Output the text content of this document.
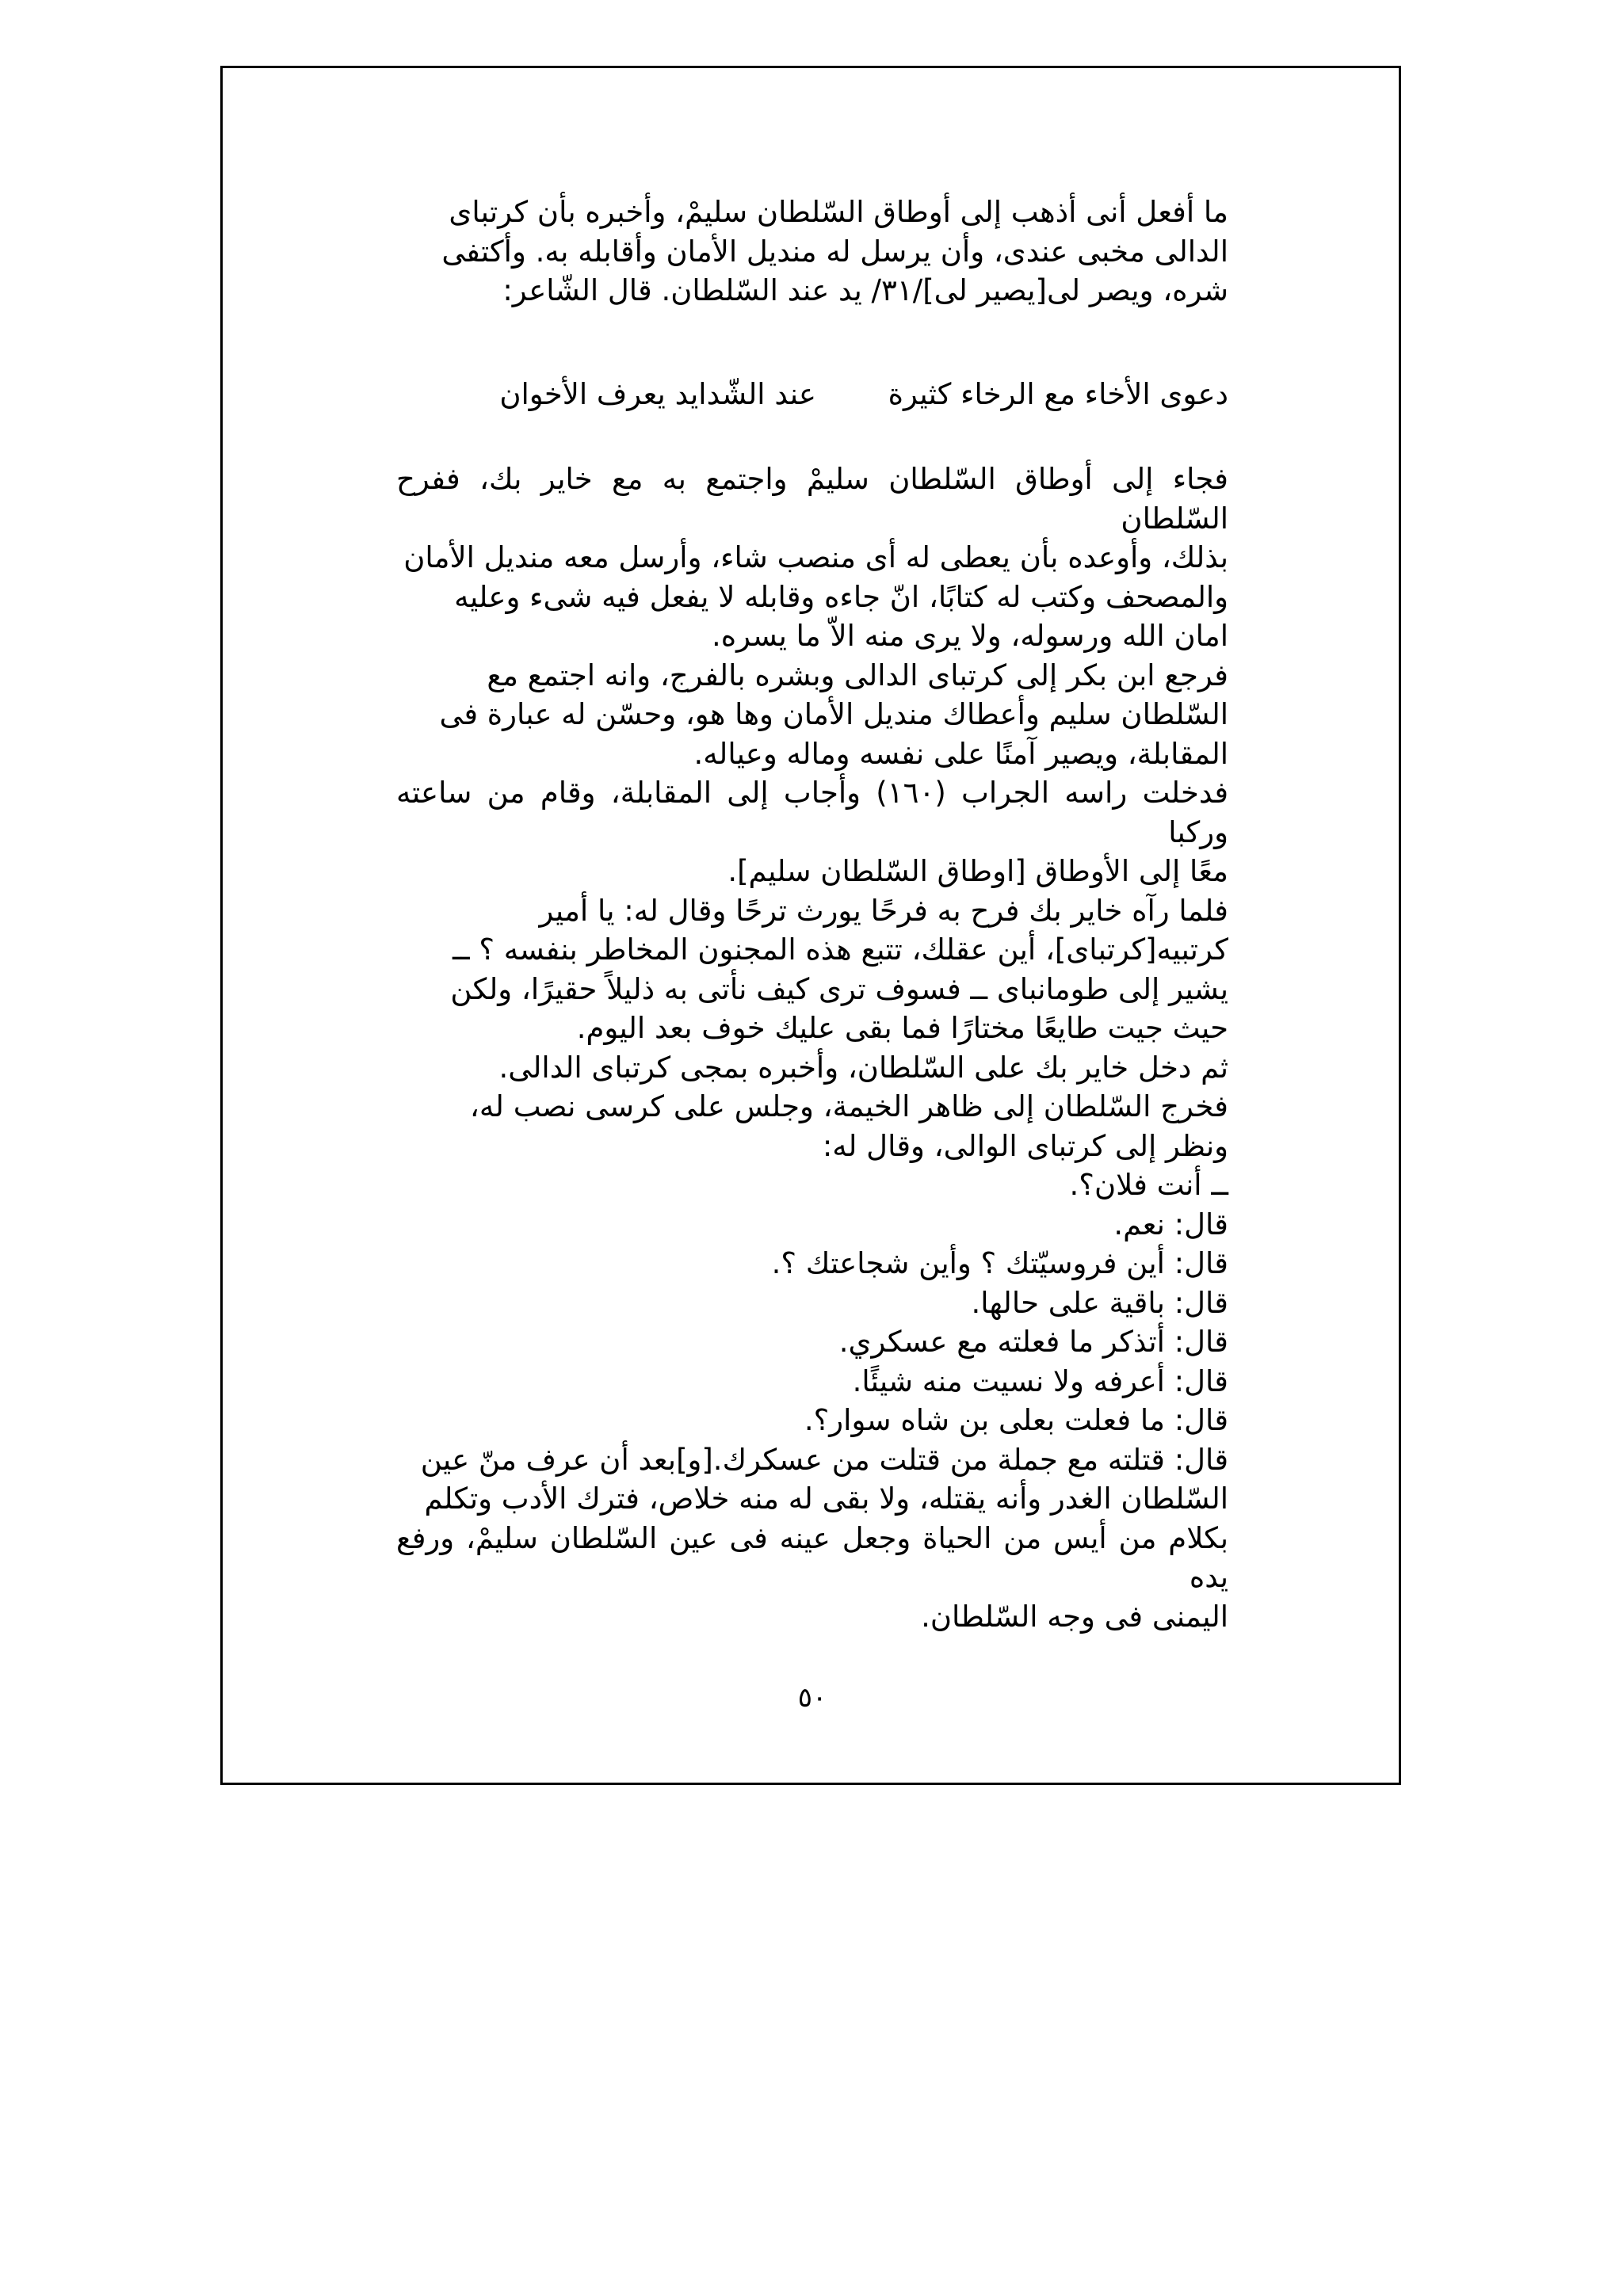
ما أفعل أنى أذهب إلى أوطاق السّلطان سليمْ، وأخبره بأن كرتباى

الدالى مخبى عندى، وأن يرسل له منديل الأمان وأقابله به. وأكتفى

شره، ويصر لى[يصير لى]/٣١/ يد عند السّلطان. قال الشّاعر:

دعوى الأخاء مع الرخاء كثيرة
عند الشّدايد يعرف الأخوان

فجاء إلى أوطاق السّلطان سليمْ واجتمع به مع خاير بك، ففرح السّلطان

بذلك، وأوعده بأن يعطى له أى منصب شاء، وأرسل معه منديل الأمان

والمصحف وكتب له كتابًا، انّ جاءه وقابله لا يفعل فيه شىء وعليه

امان الله ورسوله، ولا يرى منه الاّ ما يسره.

فرجع ابن بكر إلى كرتباى الدالى وبشره بالفرج، وانه اجتمع مع

السّلطان سليم وأعطاك منديل الأمان وها هو، وحسّن له عبارة فى

المقابلة، ويصير آمنًا على نفسه وماله وعياله.

فدخلت راسه الجراب (١٦٠) وأجاب إلى المقابلة، وقام من ساعته وركبا

معًا إلى الأوطاق [اوطاق السّلطان سليم].

فلما رآه خاير بك فرح به فرحًا يورث ترحًا وقال له: يا أمير

كرتبيه[كرتباى]، أين عقلك، تتبع هذه المجنون المخاطر بنفسه ؟ ــ

يشير إلى طومانباى ــ فسوف ترى كيف نأتى به ذليلاً حقيرًا، ولكن

حيث جيت طايعًا مختارًا فما بقى عليك خوف بعد اليوم.

ثم دخل خاير بك على السّلطان، وأخبره بمجى كرتباى الدالى.

فخرج السّلطان إلى ظاهر الخيمة، وجلس على كرسى نصب له،

ونظر إلى كرتباى الوالى، وقال له:

ــ أنت فلان؟.

قال: نعم.

قال: أين فروسيّتك ؟ وأين شجاعتك ؟.

قال: باقية على حالها.

قال: أتذكر ما فعلته مع عسكري.

قال: أعرفه ولا نسيت منه شيئًا.

قال: ما فعلت بعلى بن شاه سوار؟.

قال: قتلته مع جملة من قتلت من عسكرك.[و]بعد أن عرف منّ عين

السّلطان الغدر وأنه يقتله، ولا بقى له منه خلاص، فترك الأدب وتكلم

بكلام من أيس من الحياة وجعل عينه فى عين السّلطان سليمْ، ورفع يده

اليمنى فى وجه السّلطان.

٥٠
